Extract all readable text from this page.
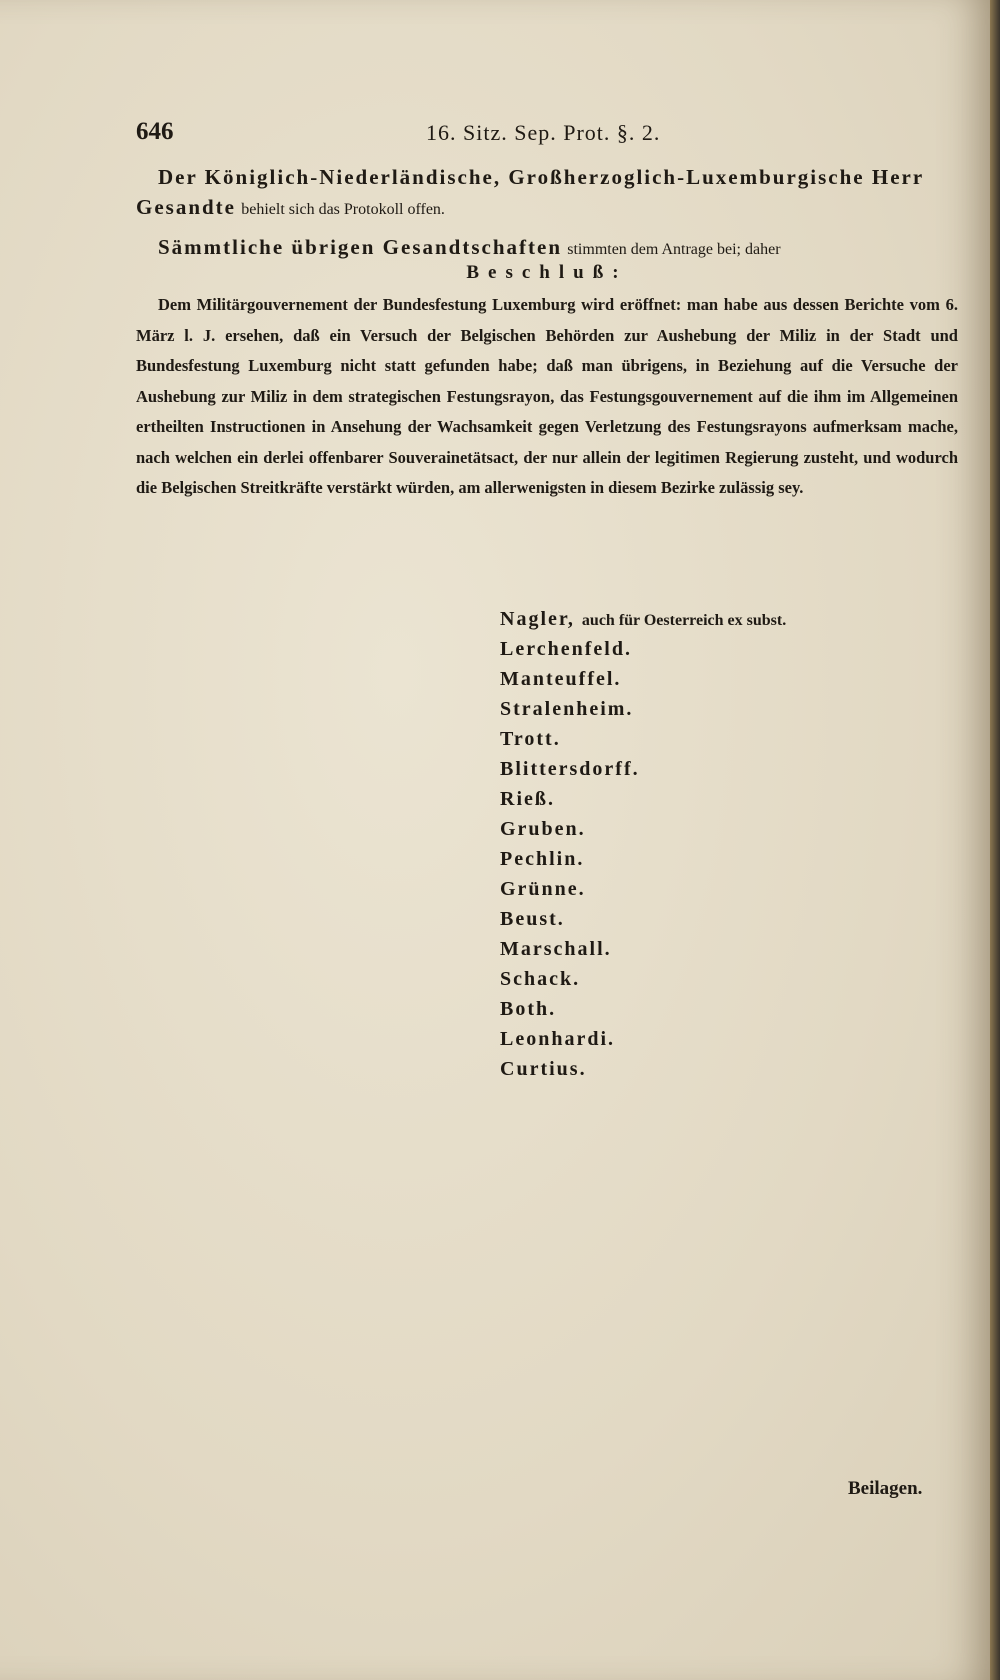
646	16. Sitz. Sep. Prot. §. 2.

Der Königlich-Niederländische, Großherzoglich-Luxemburgische Herr Gesandte behielt sich das Protokoll offen.

Sämmtliche übrigen Gesandtschaften stimmten dem Antrage bei; daher

Beschluß:

Dem Militärgouvernement der Bundesfestung Luxemburg wird eröffnet: man habe aus dessen Berichte vom 6. März l. J. ersehen, daß ein Versuch der Belgischen Behörden zur Aushebung der Miliz in der Stadt und Bundesfestung Luxemburg nicht statt gefunden habe; daß man übrigens, in Beziehung auf die Versuche der Aushebung zur Miliz in dem strategischen Festungsrayon, das Festungsgouvernement auf die ihm im Allgemeinen ertheilten Instructionen in Ansehung der Wachsamkeit gegen Verletzung des Festungsrayons aufmerksam mache, nach welchen ein derlei offenbarer Souverainetätsact, der nur allein der legitimen Regierung zusteht, und wodurch die Belgischen Streitkräfte verstärkt würden, am allerwenigsten in diesem Bezirke zulässig sey.

Nagler, auch für Oesterreich ex subst.
Lerchenfeld.
Manteuffel.
Stralenheim.
Trott.
Blittersdorff.
Rieß.
Gruben.
Pechlin.
Grünne.
Beust.
Marschall.
Schack.
Both.
Leonhardi.
Curtius.
Beilagen.
